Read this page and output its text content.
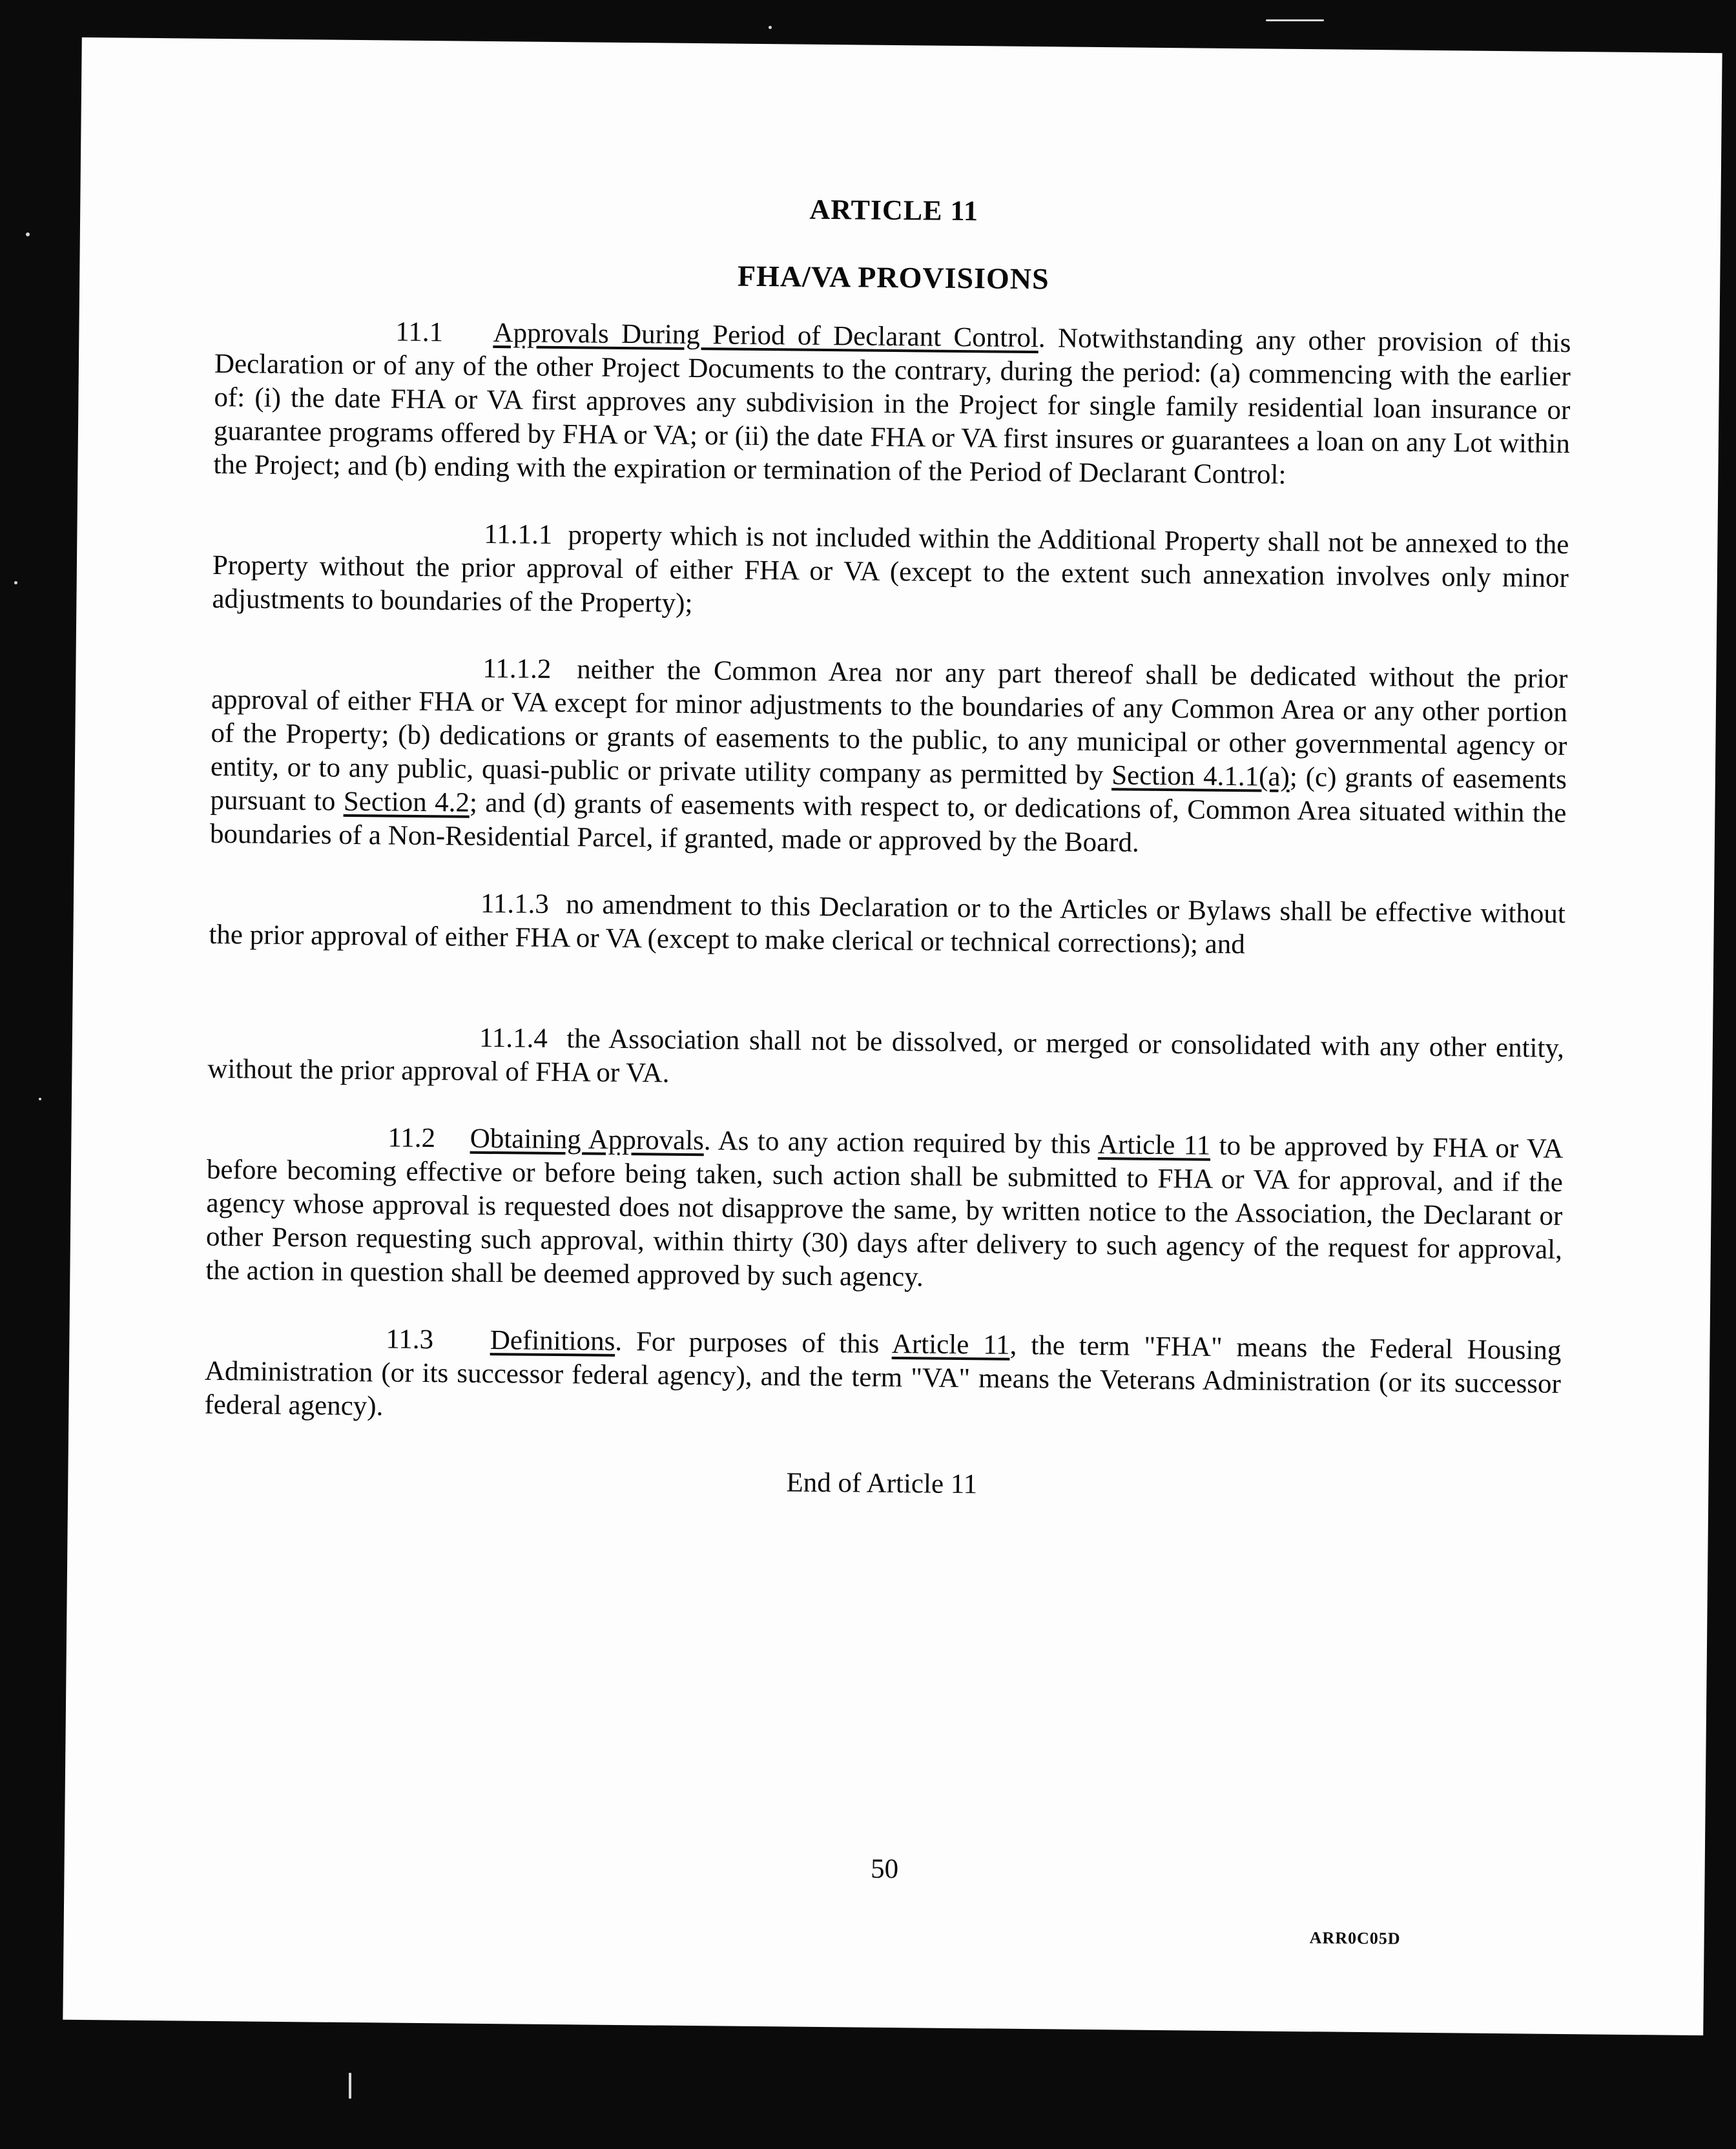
ARTICLE 11
FHA/VA PROVISIONS

11.1 Approvals During Period of Declarant Control. Notwithstanding any other provision of this Declaration or of any of the other Project Documents to the contrary, during the period: (a) commencing with the earlier of: (i) the date FHA or VA first approves any subdivision in the Project for single family residential loan insurance or guarantee programs offered by FHA or VA; or (ii) the date FHA or VA first insures or guarantees a loan on any Lot within the Project; and (b) ending with the expiration or termination of the Period of Declarant Control:

11.1.1 property which is not included within the Additional Property shall not be annexed to the Property without the prior approval of either FHA or VA (except to the extent such annexation involves only minor adjustments to boundaries of the Property);

11.1.2 neither the Common Area nor any part thereof shall be dedicated without the prior approval of either FHA or VA except for minor adjustments to the boundaries of any Common Area or any other portion of the Property; (b) dedications or grants of easements to the public, to any municipal or other governmental agency or entity, or to any public, quasi-public or private utility company as permitted by Section 4.1.1(a); (c) grants of easements pursuant to Section 4.2; and (d) grants of easements with respect to, or dedications of, Common Area situated within the boundaries of a Non-Residential Parcel, if granted, made or approved by the Board.

11.1.3 no amendment to this Declaration or to the Articles or Bylaws shall be effective without the prior approval of either FHA or VA (except to make clerical or technical corrections); and

11.1.4 the Association shall not be dissolved, or merged or consolidated with any other entity, without the prior approval of FHA or VA.

11.2 Obtaining Approvals. As to any action required by this Article 11 to be approved by FHA or VA before becoming effective or before being taken, such action shall be submitted to FHA or VA for approval, and if the agency whose approval is requested does not disapprove the same, by written notice to the Association, the Declarant or other Person requesting such approval, within thirty (30) days after delivery to such agency of the request for approval, the action in question shall be deemed approved by such agency.

11.3 Definitions. For purposes of this Article 11, the term "FHA" means the Federal Housing Administration (or its successor federal agency), and the term "VA" means the Veterans Administration (or its successor federal agency).

End of Article 11
50
ARR0C05D
